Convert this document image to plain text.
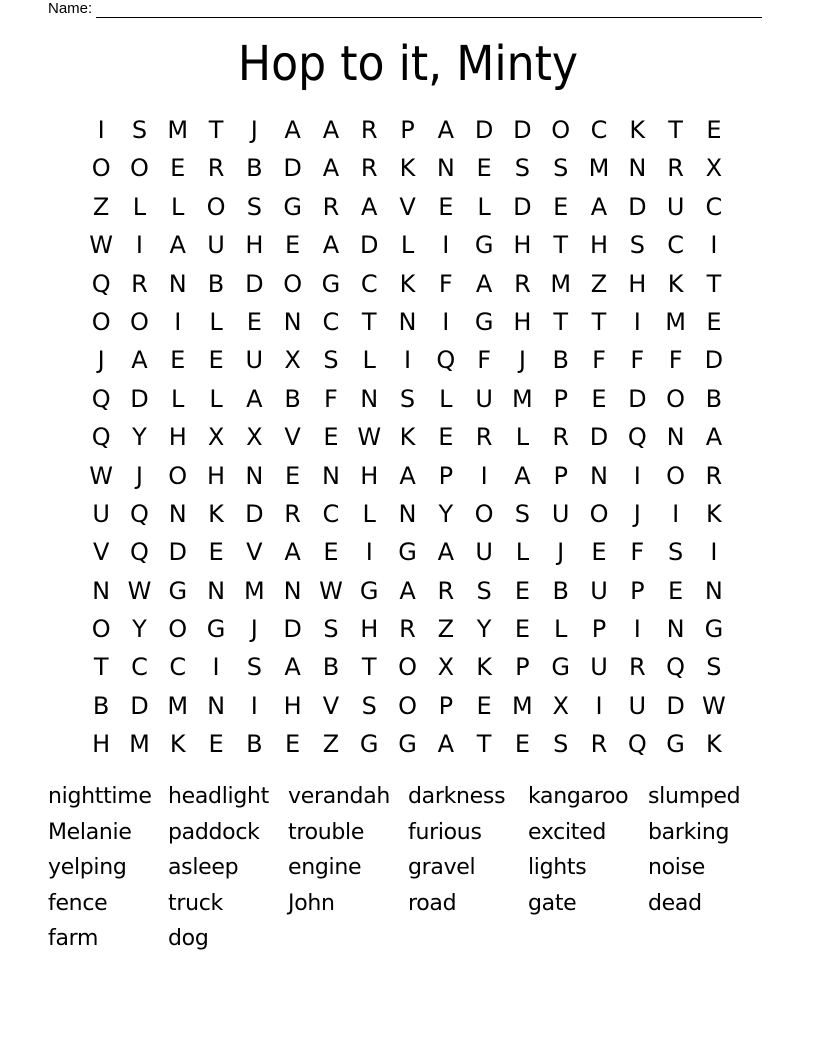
Name:
Hop to it, Minty
I	S M T	J	A A R P A D D O C K T E
O O E R B D A R K N E S S M N R X
Z L	L O S G R A V E	L D E A D U C
W I	A U H E A D L	I	G H T H S C	I
Q R N B D O G C K F A R M Z H K T
O O	I	L	E N C T N	I	G H T T	I	M E
J	A E E U X S L	I	Q F	J	B F	F	F D
Q D L	L A B F N S L U M P E D O B
Q Y H X X V E W K E R L R D Q N A
W J	O H N E N H A P	I	A P N	I	O R
U Q N K D R C L N Y O S U O	J	I	K
V Q D E V A E	I	G A U L	J	E F S	I
N W G N M N W G A R S E B U P E N
O Y O G	J	D S H R Z Y E	L	P	I	N G
T C C	I	S A B T O X K P G U R Q S
B D M N	I	H V S O P E M X	I	U D W
H M K E B E Z G G A T E S R Q G K
nighttime headlight verandah darkness	kangaroo slumped
Melanie	paddock	trouble	furious	excited	barking
yelping	asleep	engine	gravel	lights	noise
fence	truck	John	road	gate	dead
farm	dog
